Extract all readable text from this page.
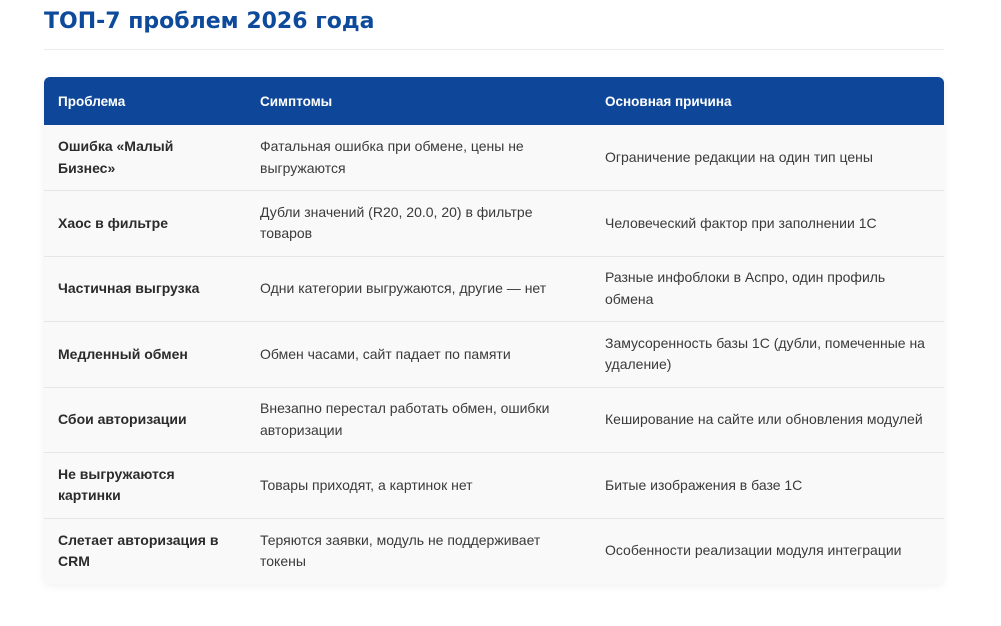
ТОП-7 проблем 2026 года
Проблема	Симптомы	Основная причина
Ошибка «Малый Бизнес»	Фатальная ошибка при обмене, цены не выгружаются	Ограничение редакции на один тип цены
Хаос в фильтре	Дубли значений (R20, 20.0, 20) в фильтре товаров	Человеческий фактор при заполнении 1С
Частичная выгрузка	Одни категории выгружаются, другие — нет	Разные инфоблоки в Аспро, один профиль обмена
Медленный обмен	Обмен часами, сайт падает по памяти	Замусоренность базы 1С (дубли, помеченные на удаление)
Сбои авторизации	Внезапно перестал работать обмен, ошибки авторизации	Кеширование на сайте или обновления модулей
Не выгружаются картинки	Товары приходят, а картинок нет	Битые изображения в базе 1С
Слетает авторизация в CRM	Теряются заявки, модуль не поддерживает токены	Особенности реализации модуля интеграции
